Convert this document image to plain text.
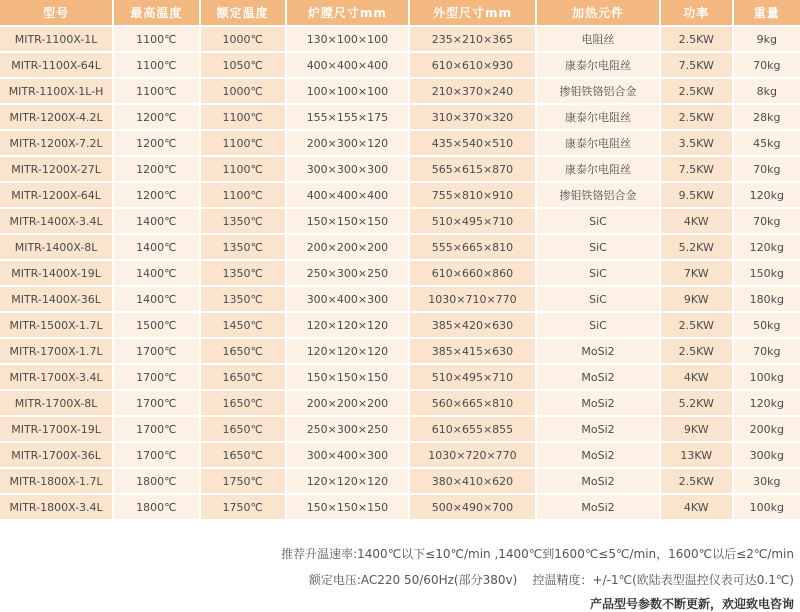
型号	最高温度	额定温度	炉膛尺寸mm	外型尺寸mm	加热元件	功率	重量
MITR-1100X-1L	1100℃	1000℃	130×100×100	235×210×365	电阻丝	2.5KW	9kg
MITR-1100X-64L	1100℃	1050℃	400×400×400	610×610×930	康泰尔电阻丝	7.5KW	70kg
MITR-1100X-1L-H	1100℃	1000℃	100×100×100	210×370×240	掺钼铁铬铝合金	2.5KW	8kg
MITR-1200X-4.2L	1200℃	1100℃	155×155×175	310×370×320	康泰尔电阻丝	2.5KW	28kg
MITR-1200X-7.2L	1200℃	1100℃	200×300×120	435×540×510	康泰尔电阻丝	3.5KW	45kg
MITR-1200X-27L	1200℃	1100℃	300×300×300	565×615×870	康泰尔电阻丝	7.5KW	70kg
MITR-1200X-64L	1200℃	1100℃	400×400×400	755×810×910	掺钼铁铬铝合金	9.5KW	120kg
MITR-1400X-3.4L	1400℃	1350℃	150×150×150	510×495×710	SiC	4KW	70kg
MITR-1400X-8L	1400℃	1350℃	200×200×200	555×665×810	SiC	5.2KW	120kg
MITR-1400X-19L	1400℃	1350℃	250×300×250	610×660×860	SiC	7KW	150kg
MITR-1400X-36L	1400℃	1350℃	300×400×300	1030×710×770	SiC	9KW	180kg
MITR-1500X-1.7L	1500℃	1450℃	120×120×120	385×420×630	SiC	2.5KW	50kg
MITR-1700X-1.7L	1700℃	1650℃	120×120×120	385×415×630	MoSi2	2.5KW	70kg
MITR-1700X-3.4L	1700℃	1650℃	150×150×150	510×495×710	MoSi2	4KW	100kg
MITR-1700X-8L	1700℃	1650℃	200×200×200	560×665×810	MoSi2	5.2KW	120kg
MITR-1700X-19L	1700℃	1650℃	250×300×250	610×655×855	MoSi2	9KW	200kg
MITR-1700X-36L	1700℃	1650℃	300×400×300	1030×720×770	MoSi2	13KW	300kg
MITR-1800X-1.7L	1800℃	1750℃	120×120×120	380×410×620	MoSi2	2.5KW	30kg
MITR-1800X-3.4L	1800℃	1750℃	150×150×150	500×490×700	MoSi2	4KW	100kg
推荐升温速率:1400℃以下≤10℃/min ,1400℃到1600℃≤5℃/min，1600℃以后≤2℃/min
额定电压:AC220 50/60Hz(部分380v)    控温精度：+/-1℃(欧陆表型温控仪表可达0.1℃)
产品型号参数不断更新，欢迎致电咨询
